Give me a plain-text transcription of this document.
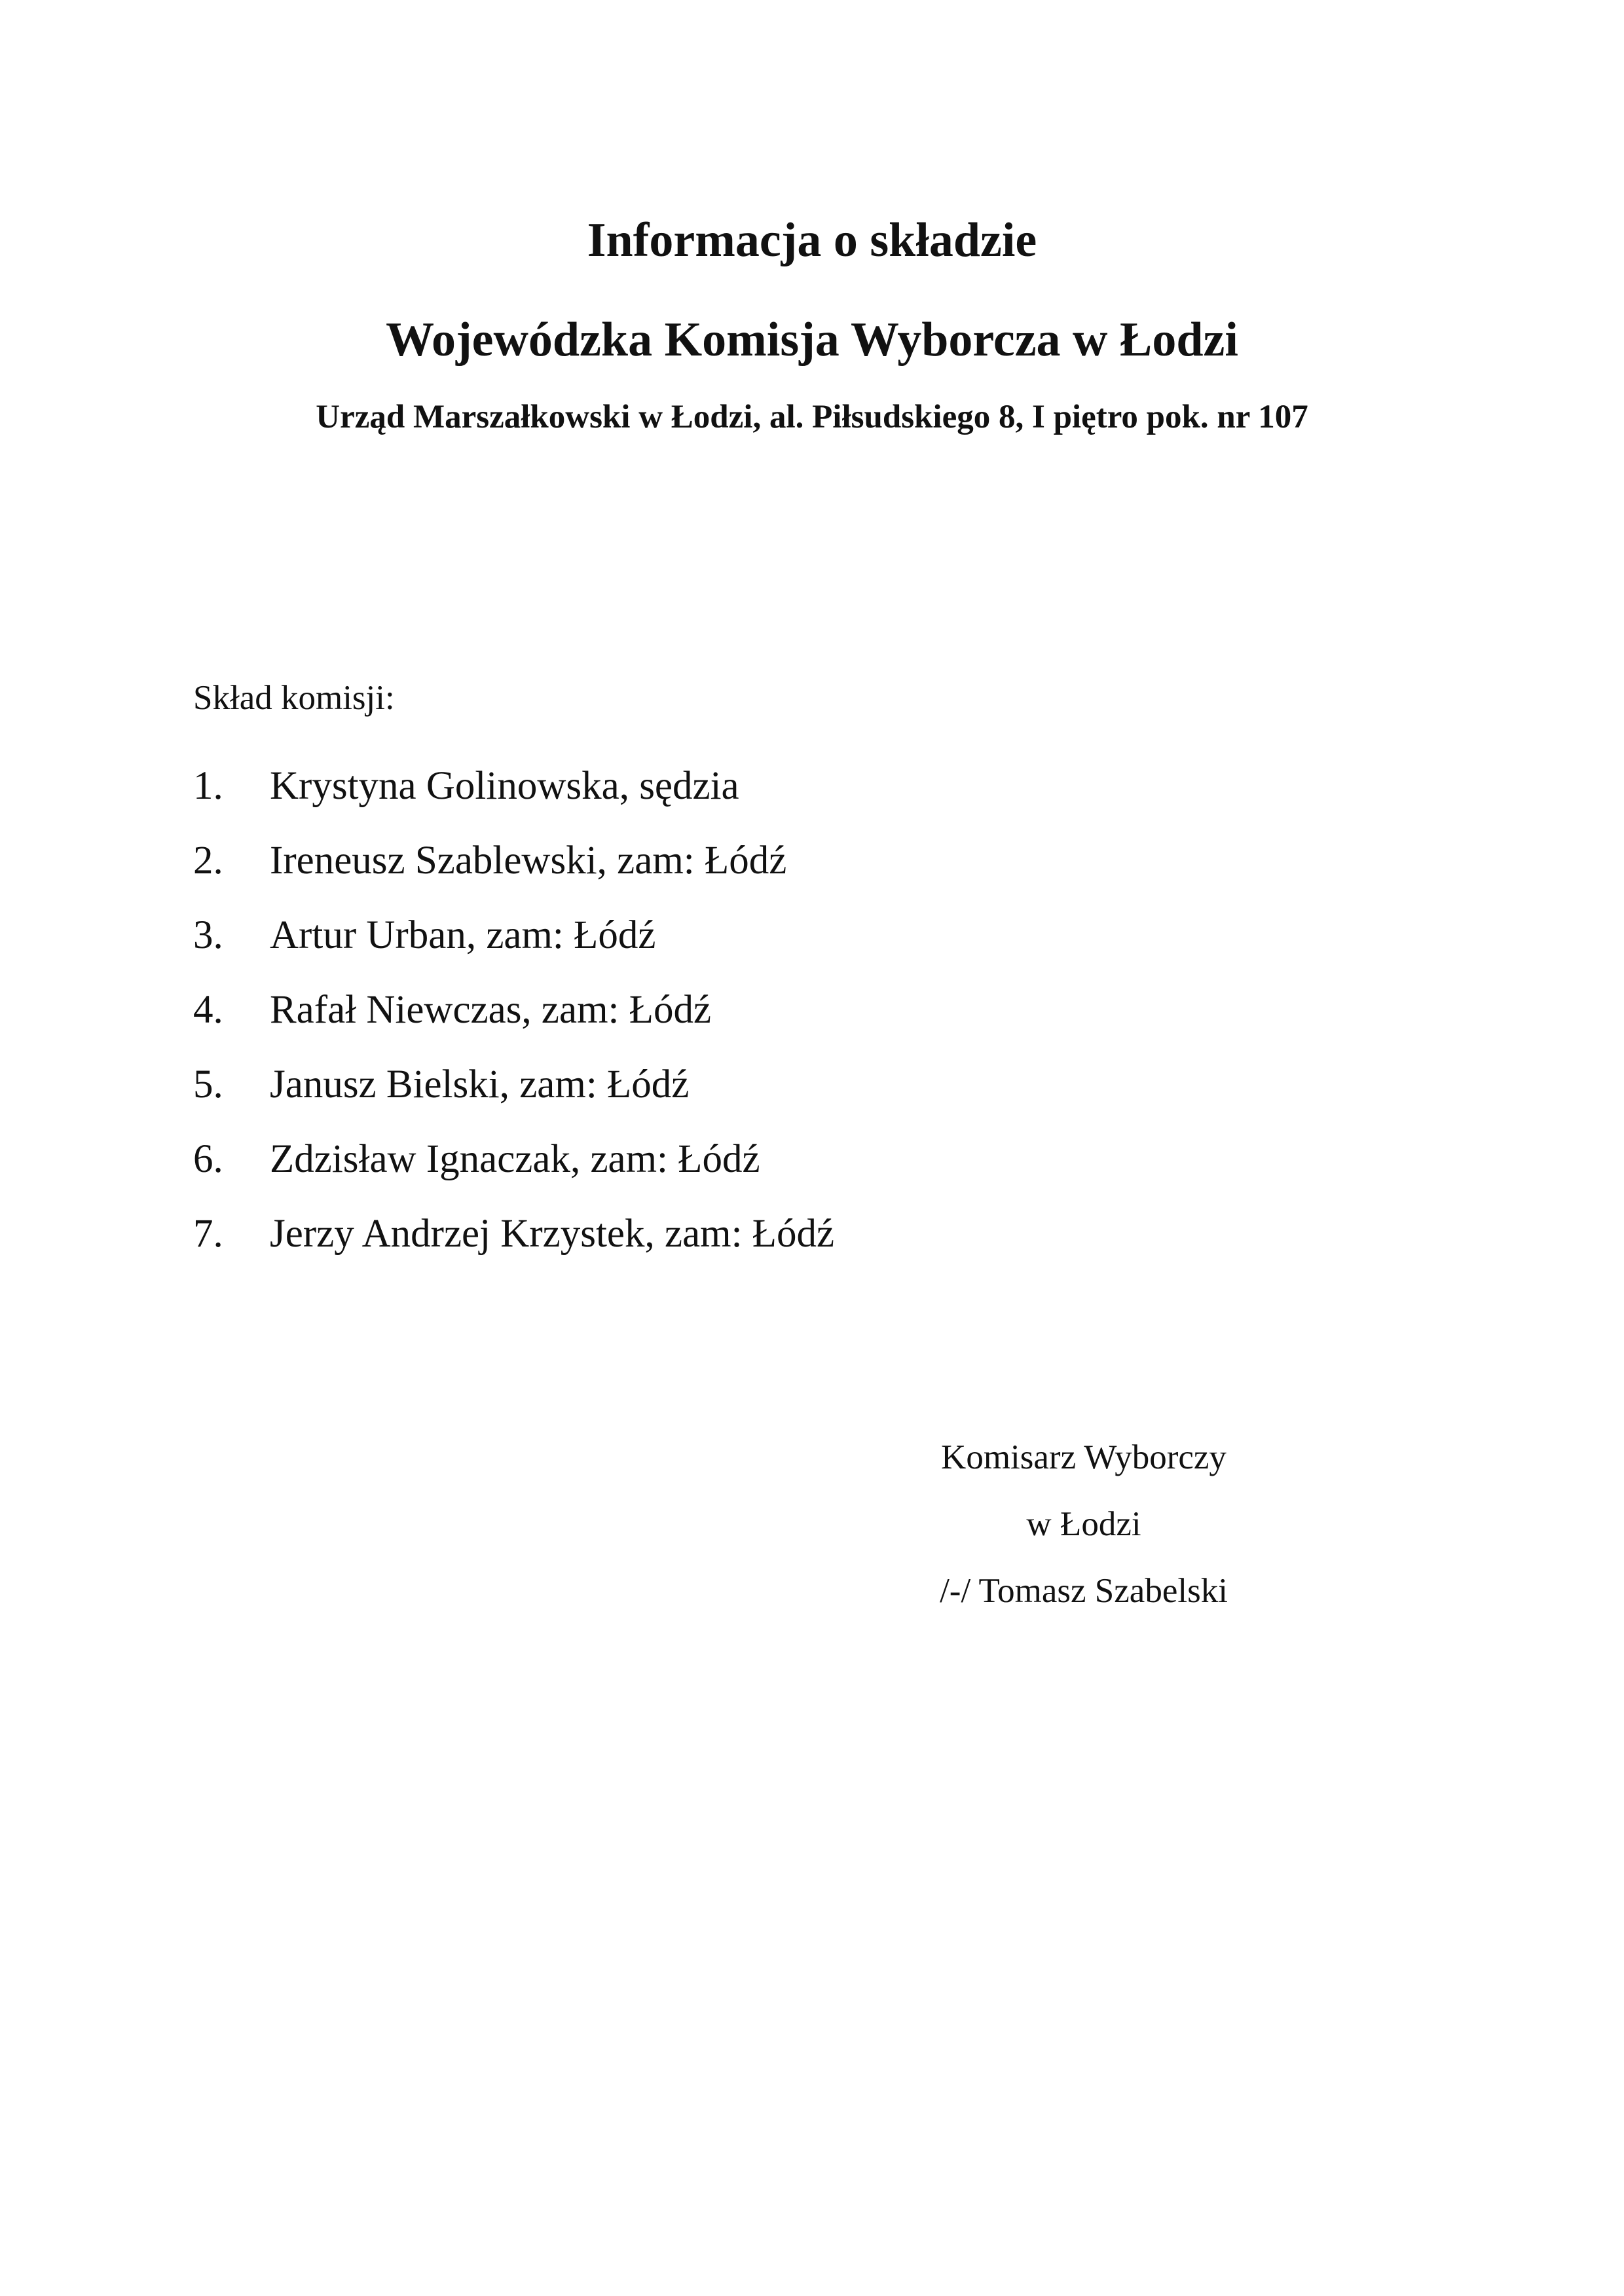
Informacja o składzie
Wojewódzka Komisja Wyborcza w Łodzi
Urząd Marszałkowski w Łodzi, al. Piłsudskiego 8, I piętro pok. nr 107
Skład komisji:
1. Krystyna Golinowska, sędzia
2. Ireneusz Szablewski, zam: Łódź
3. Artur Urban, zam: Łódź
4. Rafał Niewczas, zam: Łódź
5. Janusz Bielski, zam: Łódź
6. Zdzisław Ignaczak, zam: Łódź
7. Jerzy Andrzej Krzystek, zam: Łódź
Komisarz Wyborczy
w Łodzi
/-/ Tomasz Szabelski
